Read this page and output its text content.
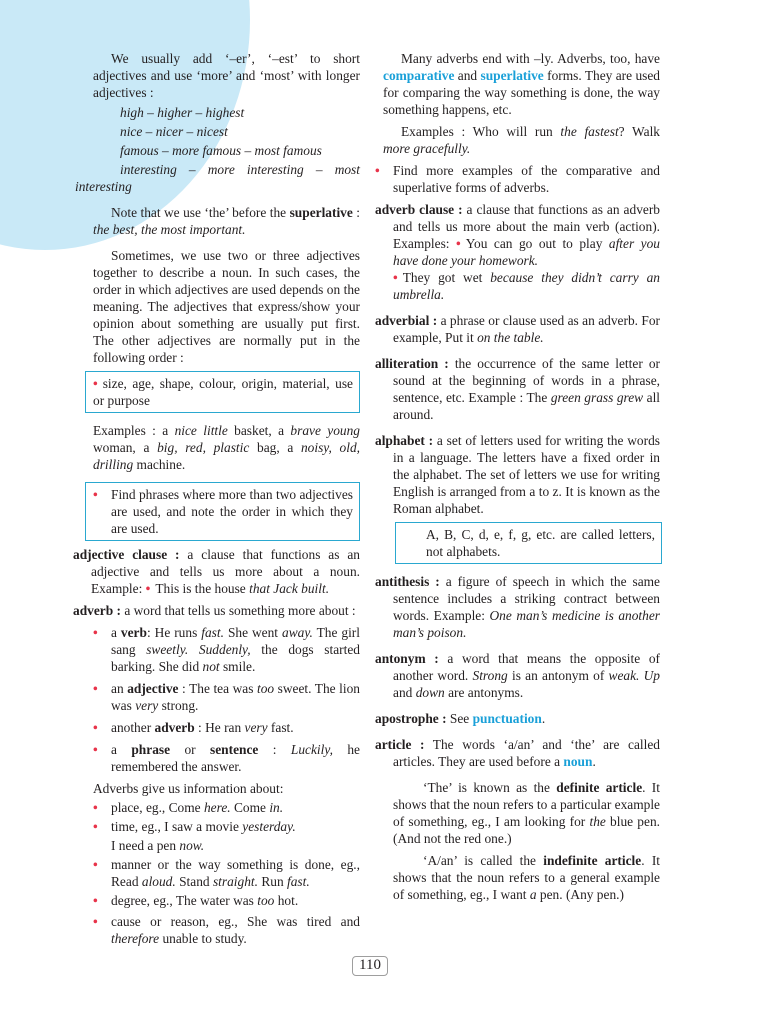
We usually add ‘–er’, ‘–est’ to short adjectives and use ‘more’ and ‘most’ with longer adjectives :

high – higher – highest

nice – nicer – nicest

famous – more famous – most famous

interesting – more interesting – most interesting

Note that we use ‘the’ before the superlative : the best, the most important.

Sometimes, we use two or three adjectives together to describe a noun. In such cases, the order in which adjectives are used depends on the meaning. The adjectives that express/show your opinion about something are usually put first. The other adjectives are normally put in the following order :

• size, age, shape, colour, origin, material, use or purpose

Examples : a nice little basket, a brave young woman, a big, red, plastic bag, a noisy, old, drilling machine.

• Find phrases where more than two adjectives are used, and note the order in which they are used.

adjective clause : a clause that functions as an adjective and tells us more about a noun. Example: • This is the house that Jack built.

adverb : a word that tells us something more about :

• a verb: He runs fast. She went away. The girl sang sweetly. Suddenly, the dogs started barking. She did not smile.
• an adjective : The tea was too sweet. The lion was very strong.
• another adverb : He ran very fast.
• a phrase or sentence : Luckily, he remembered the answer.

Adverbs give us information about:

• place, eg., Come here. Come in.
• time, eg., I saw a movie yesterday.

I need a pen now.

• manner or the way something is done, eg., Read aloud. Stand straight. Run fast.
• degree, eg., The water was too hot.
• cause or reason, eg., She was tired and therefore unable to study.

Many adverbs end with –ly. Adverbs, too, have comparative and superlative forms. They are used for comparing the way something is done, the way something happens, etc.

Examples : Who will run the fastest? Walk more gracefully.

• Find more examples of the comparative and superlative forms of adverbs.

adverb clause : a clause that functions as an adverb and tells us more about the main verb (action). Examples: • You can go out to play after you have done your homework.
• They got wet because they didn’t carry an umbrella.

adverbial : a phrase or clause used as an adverb. For example, Put it on the table.

alliteration : the occurrence of the same letter or sound at the beginning of words in a phrase, sentence, etc. Example : The green grass grew all around.

alphabet : a set of letters used for writing the words in a language. The letters have a fixed order in the alphabet. The set of letters we use for writing English is arranged from a to z. It is known as the Roman alphabet.

A, B, C, d, e, f, g, etc. are called letters, not alphabets.

antithesis : a figure of speech in which the same sentence includes a striking contract between words. Example: One man’s medicine is another man’s poison.

antonym : a word that means the opposite of another word. Strong is an antonym of weak. Up and down are antonyms.

apostrophe : See punctuation.

article : The words ‘a/an’ and ‘the’ are called articles. They are used before a noun.

‘The’ is known as the definite article. It shows that the noun refers to a particular example of something, eg., I am looking for the blue pen. (And not the red one.)

‘A/an’ is called the indefinite article. It shows that the noun refers to a general example of something, eg., I want a pen. (Any pen.)

110
